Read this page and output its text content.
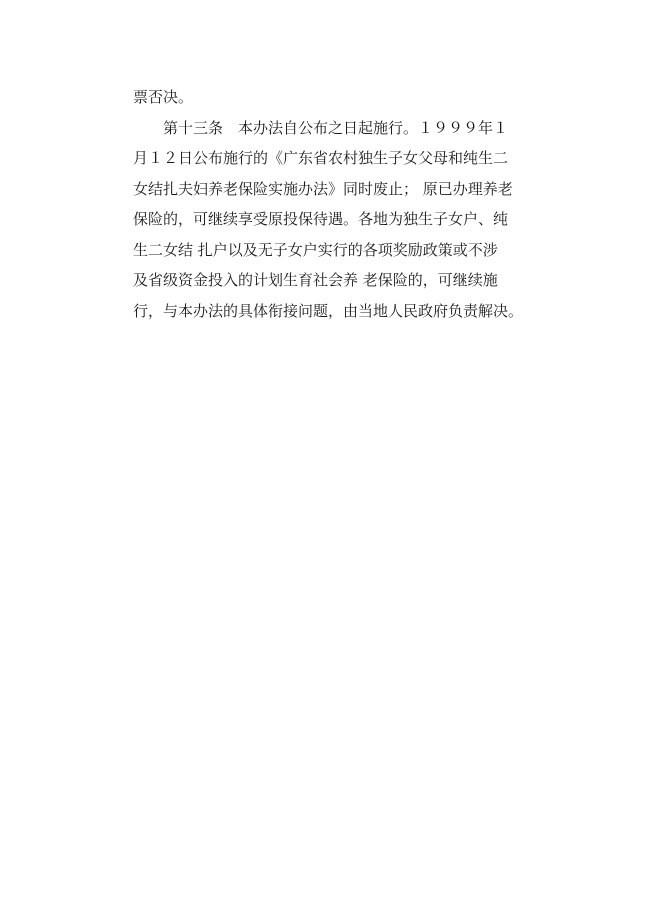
票否决。
第十三条　本办法自公布之日起施行。１９９９年１
月１２日公布施行的《广东省农村独生子女父母和纯生二
女结扎夫妇养老保险实施办法》同时废止； 原已办理养老
保险的，可继续享受原投保待遇。各地为独生子女户、纯
生二女结 扎户以及无子女户实行的各项奖励政策或不涉
及省级资金投入的计划生育社会养 老保险的，可继续施
行，与本办法的具体衔接问题，由当地人民政府负责解决。
